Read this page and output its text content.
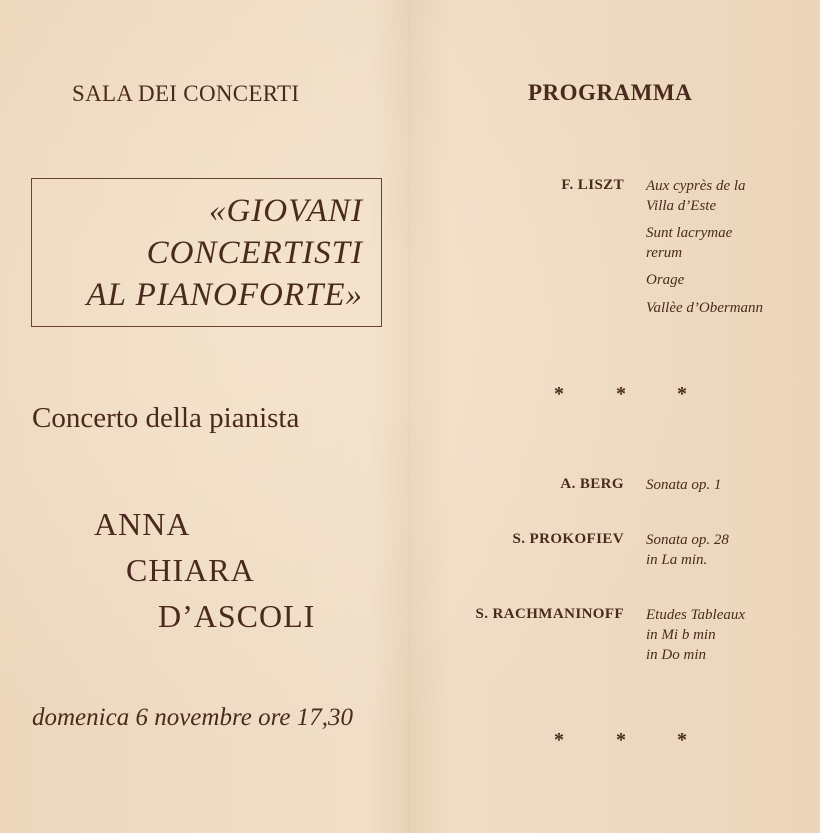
SALA DEI CONCERTI
«GIOVANI
CONCERTISTI
AL PIANOFORTE»
Concerto della pianista
ANNA
CHIARA
D’ASCOLI
domenica 6 novembre ore 17,30
PROGRAMMA
F. LISZT Aux cyprès de la
Villa d’Este
Sunt lacrymae
rerum
Orage
Vallèe d’Obermann
*	*	*
A. BERG Sonata op. 1
S. PROKOFIEV Sonata op. 28
in La min.
S. RACHMANINOFF Etudes Tableaux
in Mi b min
in Do min
*	*	*
